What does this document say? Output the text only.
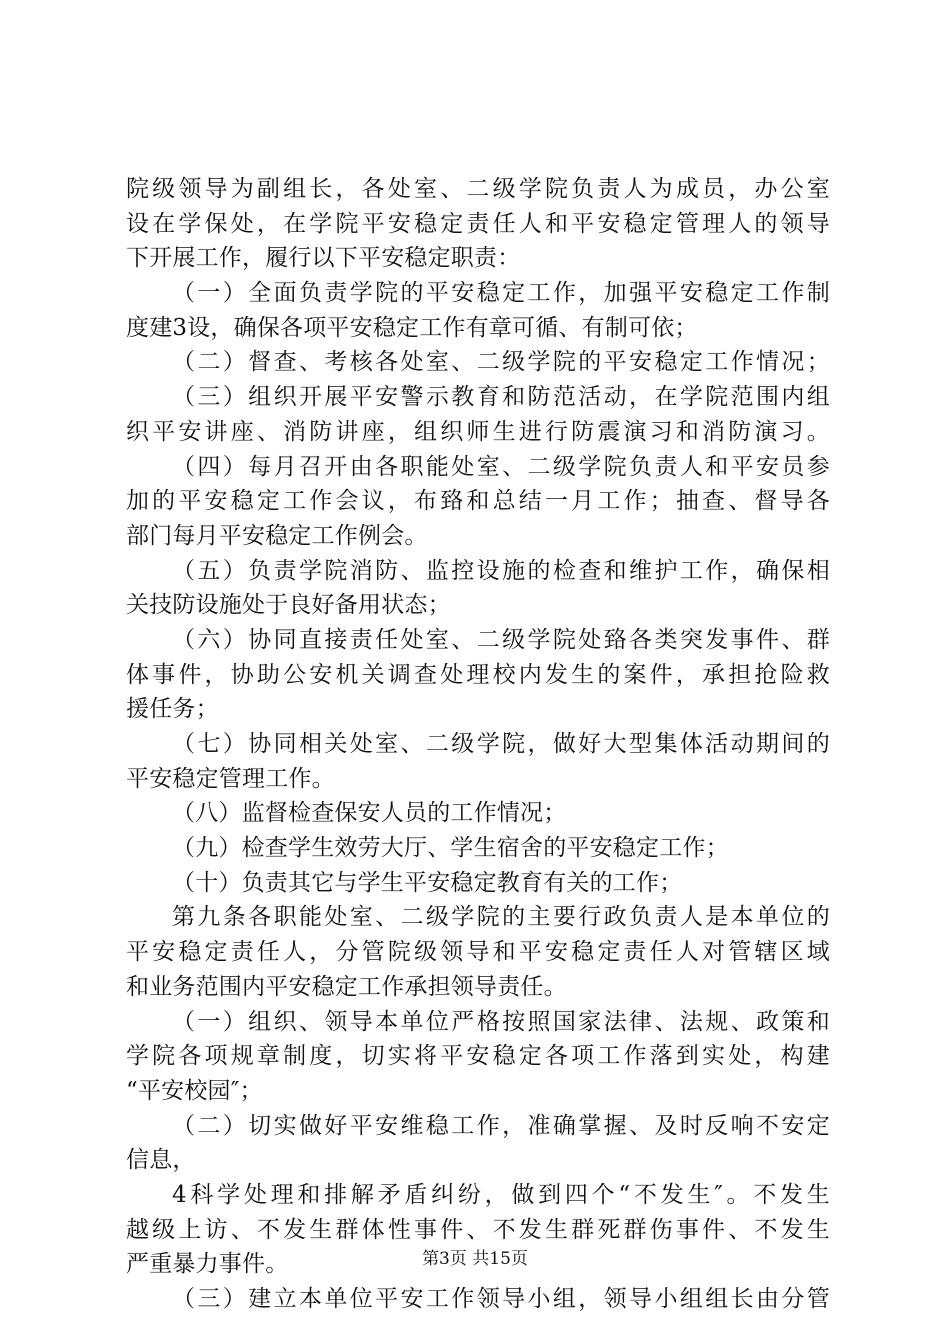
院级领导为副组长，各处室、二级学院负责人为成员，办公室
设在学保处，在学院平安稳定责任人和平安稳定管理人的领导
下开展工作，履行以下平安稳定职责：
（一）全面负责学院的平安稳定工作，加强平安稳定工作制
度建3设，确保各项平安稳定工作有章可循、有制可依；
（二）督查、考核各处室、二级学院的平安稳定工作情况；
（三）组织开展平安警示教育和防范活动，在学院范围内组
织平安讲座、消防讲座，组织师生进行防震演习和消防演习。
（四）每月召开由各职能处室、二级学院负责人和平安员参
加的平安稳定工作会议，布臵和总结一月工作；抽查、督导各
部门每月平安稳定工作例会。
（五）负责学院消防、监控设施的检查和维护工作，确保相
关技防设施处于良好备用状态；
（六）协同直接责任处室、二级学院处臵各类突发事件、群
体事件，协助公安机关调查处理校内发生的案件，承担抢险救
援任务；
（七）协同相关处室、二级学院，做好大型集体活动期间的
平安稳定管理工作。
（八）监督检查保安人员的工作情况；
（九）检查学生效劳大厅、学生宿舍的平安稳定工作；
（十）负责其它与学生平安稳定教育有关的工作；
第九条各职能处室、二级学院的主要行政负责人是本单位的
平安稳定责任人，分管院级领导和平安稳定责任人对管辖区域
和业务范围内平安稳定工作承担领导责任。
（一）组织、领导本单位严格按照国家法律、法规、政策和
学院各项规章制度，切实将平安稳定各项工作落到实处，构建
“平安校园″；
（二）切实做好平安维稳工作，准确掌握、及时反响不安定
信息，
4科学处理和排解矛盾纠纷，做到四个“不发生″。不发生
越级上访、不发生群体性事件、不发生群死群伤事件、不发生
严重暴力事件。
（三）建立本单位平安工作领导小组，领导小组组长由分管
第3页 共15页
